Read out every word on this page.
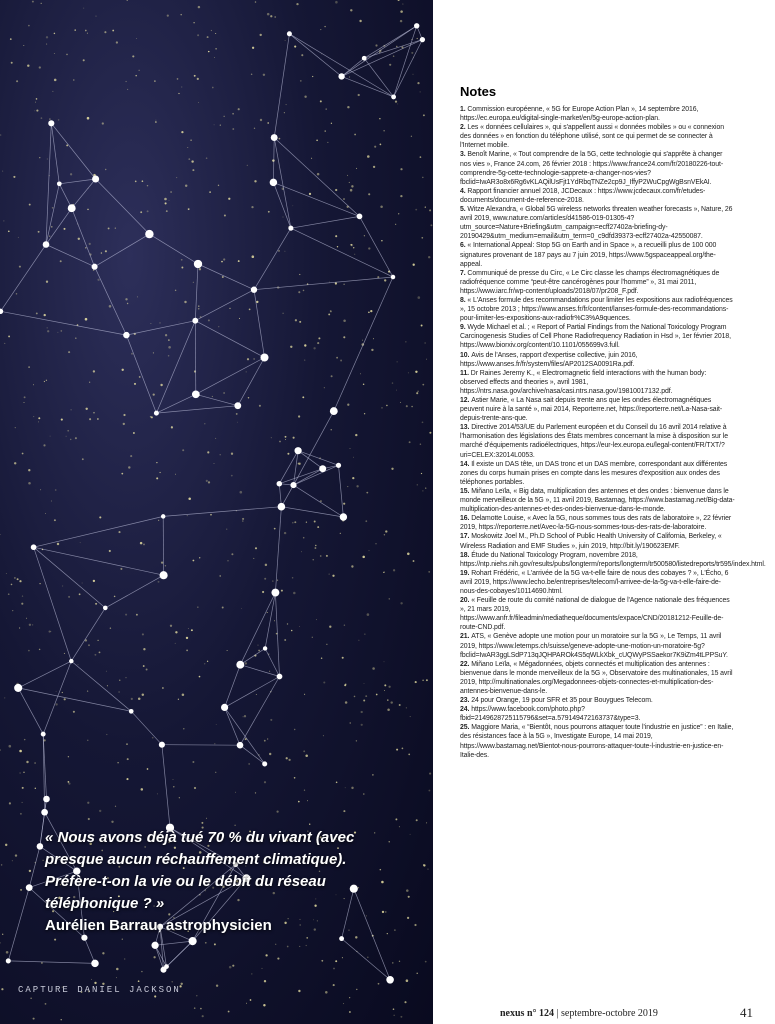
« Nous avons déjà tué 70 % du vivant (avec presque aucun réchauffement climatique). Préfère-t-on la vie ou le débit du réseau téléphonique ? »

Aurélien Barrau, astrophysicien

CAPTURE DANIEL JACKSON
Notes
1. Commission européenne, « 5G for Europe Action Plan », 14 septembre 2016, https://ec.europa.eu/digital-single-market/en/5g-europe-action-plan.
2. Les « données cellulaires », qui s'appellent aussi « données mobiles » ou « connexion des données » en fonction du téléphone utilisé, sont ce qui permet de se connecter à l'Internet mobile.
3. Benoît Marine, « Tout comprendre de la 5G, cette technologie qui s'apprête à changer nos vies », France 24.com, 26 février 2018 : https://www.france24.com/fr/20180226-tout-comprendre-5g-cette-technologie-sapprete-a-changer-nos-vies?fbclid=IwAR3o8x6Rg6vKLAQilUsFjt1YdRbqTNZe2cp9J_IffyP2WuCpgWgBsnVEkAI.
4. Rapport financier annuel 2018, JCDecaux : https://www.jcdecaux.com/fr/etudes-documents/document-de-reference-2018.
5. Witze Alexandra, « Global 5G wireless networks threaten weather forecasts », Nature, 26 avril 2019, www.nature.com/articles/d41586-019-01305-4?utm_source=Nature+Briefing&utm_campaign=ecff27402a-briefing-dy-20190429&utm_medium=email&utm_term=0_c9dfd39373-ecff27402a-42550087.
6. « International Appeal: Stop 5G on Earth and in Space », a recueilli plus de 100 000 signatures provenant de 187 pays au 7 juin 2019, https://www.5gspaceappeal.org/the-appeal.
7. Communiqué de presse du Circ, « Le Circ classe les champs électromagnétiques de radiofréquence comme “peut-être cancérogènes pour l'homme” », 31 mai 2011, https://www.iarc.fr/wp-content/uploads/2018/07/pr208_F.pdf.
8. « L'Anses formule des recommandations pour limiter les expositions aux radiofréquences », 15 octobre 2013 ; https://www.anses.fr/fr/content/lanses-formule-des-recommandations-pour-limiter-les-expositions-aux-radiofr%C3%A9quences.
9. Wyde Michael et al. ; « Report of Partial Findings from the National Toxicology Program Carcinogenesis Studies of Cell Phone Radiofrequency Radiation in Hsd », 1er février 2018, https://www.biorxiv.org/content/10.1101/055699v3.full.
10. Avis de l'Anses, rapport d'expertise collective, juin 2016, https://www.anses.fr/fr/system/files/AP2012SA0091Ra.pdf.
11. Dr Raines Jeremy K., « Electromagnetic field interactions with the human body: observed effects and theories », avril 1981, https://ntrs.nasa.gov/archive/nasa/casi.ntrs.nasa.gov/19810017132.pdf.
12. Astier Marie, « La Nasa sait depuis trente ans que les ondes électromagnétiques peuvent nuire à la santé », mai 2014, Reporterre.net, https://reporterre.net/La-Nasa-sait-depuis-trente-ans-que.
13. Directive 2014/53/UE du Parlement européen et du Conseil du 16 avril 2014 relative à l'harmonisation des législations des États membres concernant la mise à disposition sur le marché d'équipements radioélectriques, https://eur-lex.europa.eu/legal-content/FR/TXT/?uri=CELEX:32014L0053.
14. Il existe un DAS tête, un DAS tronc et un DAS membre, correspondant aux différentes zones du corps humain prises en compte dans les mesures d'exposition aux ondes des téléphones portables.
15. Miñano Leïla, « Big data, multiplication des antennes et des ondes : bienvenue dans le monde merveilleux de la 5G », 11 avril 2019, Bastamag, https://www.bastamag.net/Big-data-multiplication-des-antennes-et-des-ondes-bienvenue-dans-le-monde.
16. Delamotte Louise, « Avec la 5G, nous sommes tous des rats de laboratoire », 22 février 2019, https://reporterre.net/Avec-la-5G-nous-sommes-tous-des-rats-de-laboratoire.
17. Moskowitz Joel M., Ph.D School of Public Health University of California, Berkeley, « Wireless Radiation and EMF Studies », juin 2019, http://bit.ly/190623EMF.
18. Étude du National Toxicology Program, novembre 2018, https://ntp.niehs.nih.gov/results/pubs/longterm/reports/longterm/tr500580/listedreports/tr595/index.html.
19. Rohart Frédéric, « L'arrivée de la 5G va-t-elle faire de nous des cobayes ? », L'Écho, 6 avril 2019, https://www.lecho.be/entreprises/telecom/l-arrivee-de-la-5g-va-t-elle-faire-de-nous-des-cobayes/10114690.html.
20. « Feuille de route du comité national de dialogue de l'Agence nationale des fréquences », 21 mars 2019, https://www.anfr.fr/fileadmin/mediatheque/documents/expace/CND/20181212-Feuille-de-route-CND.pdf.
21. ATS, « Genève adopte une motion pour un moratoire sur la 5G », Le Temps, 11 avril 2019, https://www.letemps.ch/suisse/geneve-adopte-une-motion-un-moratoire-5g?fbclid=IwAR3ggLSdP713qJQHPAROk4S5qWLkXbk_cUQWyPSSaekor7K9iZm4tLPPSuY.
22. Miñano Leïla, « Mégadonnées, objets connectés et multiplication des antennes : bienvenue dans le monde merveilleux de la 5G », Observatoire des multinationales, 15 avril 2019, http://multinationales.org/Megadonnees-objets-connectes-et-multiplication-des-antennes-bienvenue-dans-le.
23. 24 pour Orange, 19 pour SFR et 35 pour Bouygues Telecom.
24. https://www.facebook.com/photo.php?fbid=2149628725115796&set=a.579149472163737&type=3.
25. Maggiore Maria, « “Bientôt, nous pourrons attaquer toute l'industrie en justice” : en Italie, des résistances face à la 5G », Investigate Europe, 14 mai 2019, https://www.bastamag.net/Bientot-nous-pourrons-attaquer-toute-l-industrie-en-justice-en-Italie-des.
nexus n° 124 | septembre-octobre 2019	41
